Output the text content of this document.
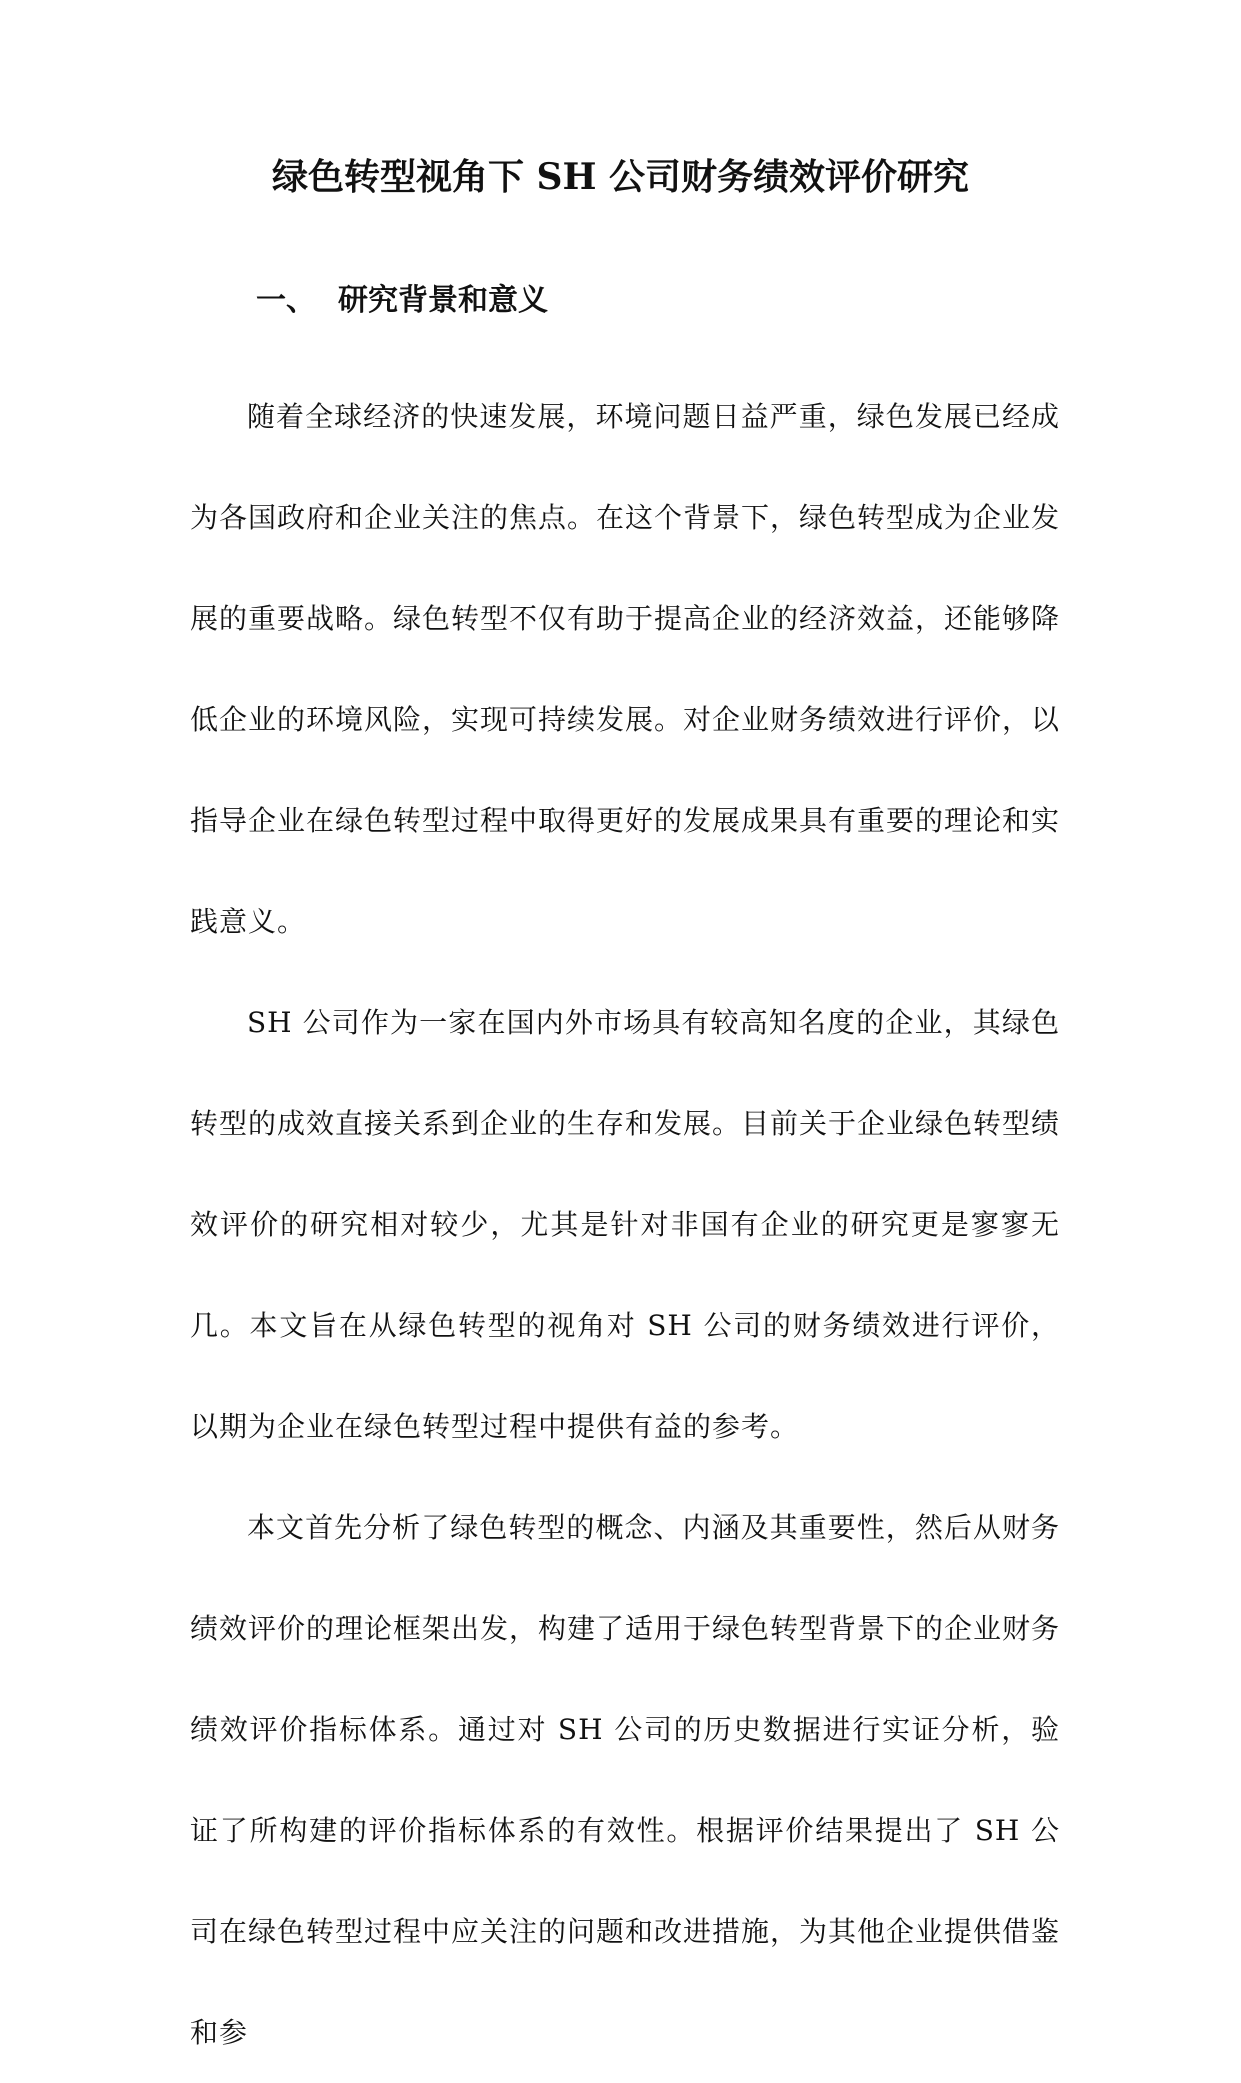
绿色转型视角下 SH 公司财务绩效评价研究
一、 研究背景和意义

随着全球经济的快速发展，环境问题日益严重，绿色发展已经成为各国政府和企业关注的焦点。在这个背景下，绿色转型成为企业发展的重要战略。绿色转型不仅有助于提高企业的经济效益，还能够降低企业的环境风险，实现可持续发展。对企业财务绩效进行评价，以指导企业在绿色转型过程中取得更好的发展成果具有重要的理论和实践意义。

SH 公司作为一家在国内外市场具有较高知名度的企业，其绿色转型的成效直接关系到企业的生存和发展。目前关于企业绿色转型绩效评价的研究相对较少，尤其是针对非国有企业的研究更是寥寥无几。本文旨在从绿色转型的视角对 SH 公司的财务绩效进行评价，以期为企业在绿色转型过程中提供有益的参考。

本文首先分析了绿色转型的概念、内涵及其重要性，然后从财务绩效评价的理论框架出发，构建了适用于绿色转型背景下的企业财务绩效评价指标体系。通过对 SH 公司的历史数据进行实证分析，验证了所构建的评价指标体系的有效性。根据评价结果提出了 SH 公司在绿色转型过程中应关注的问题和改进措施，为其他企业提供借鉴和参
